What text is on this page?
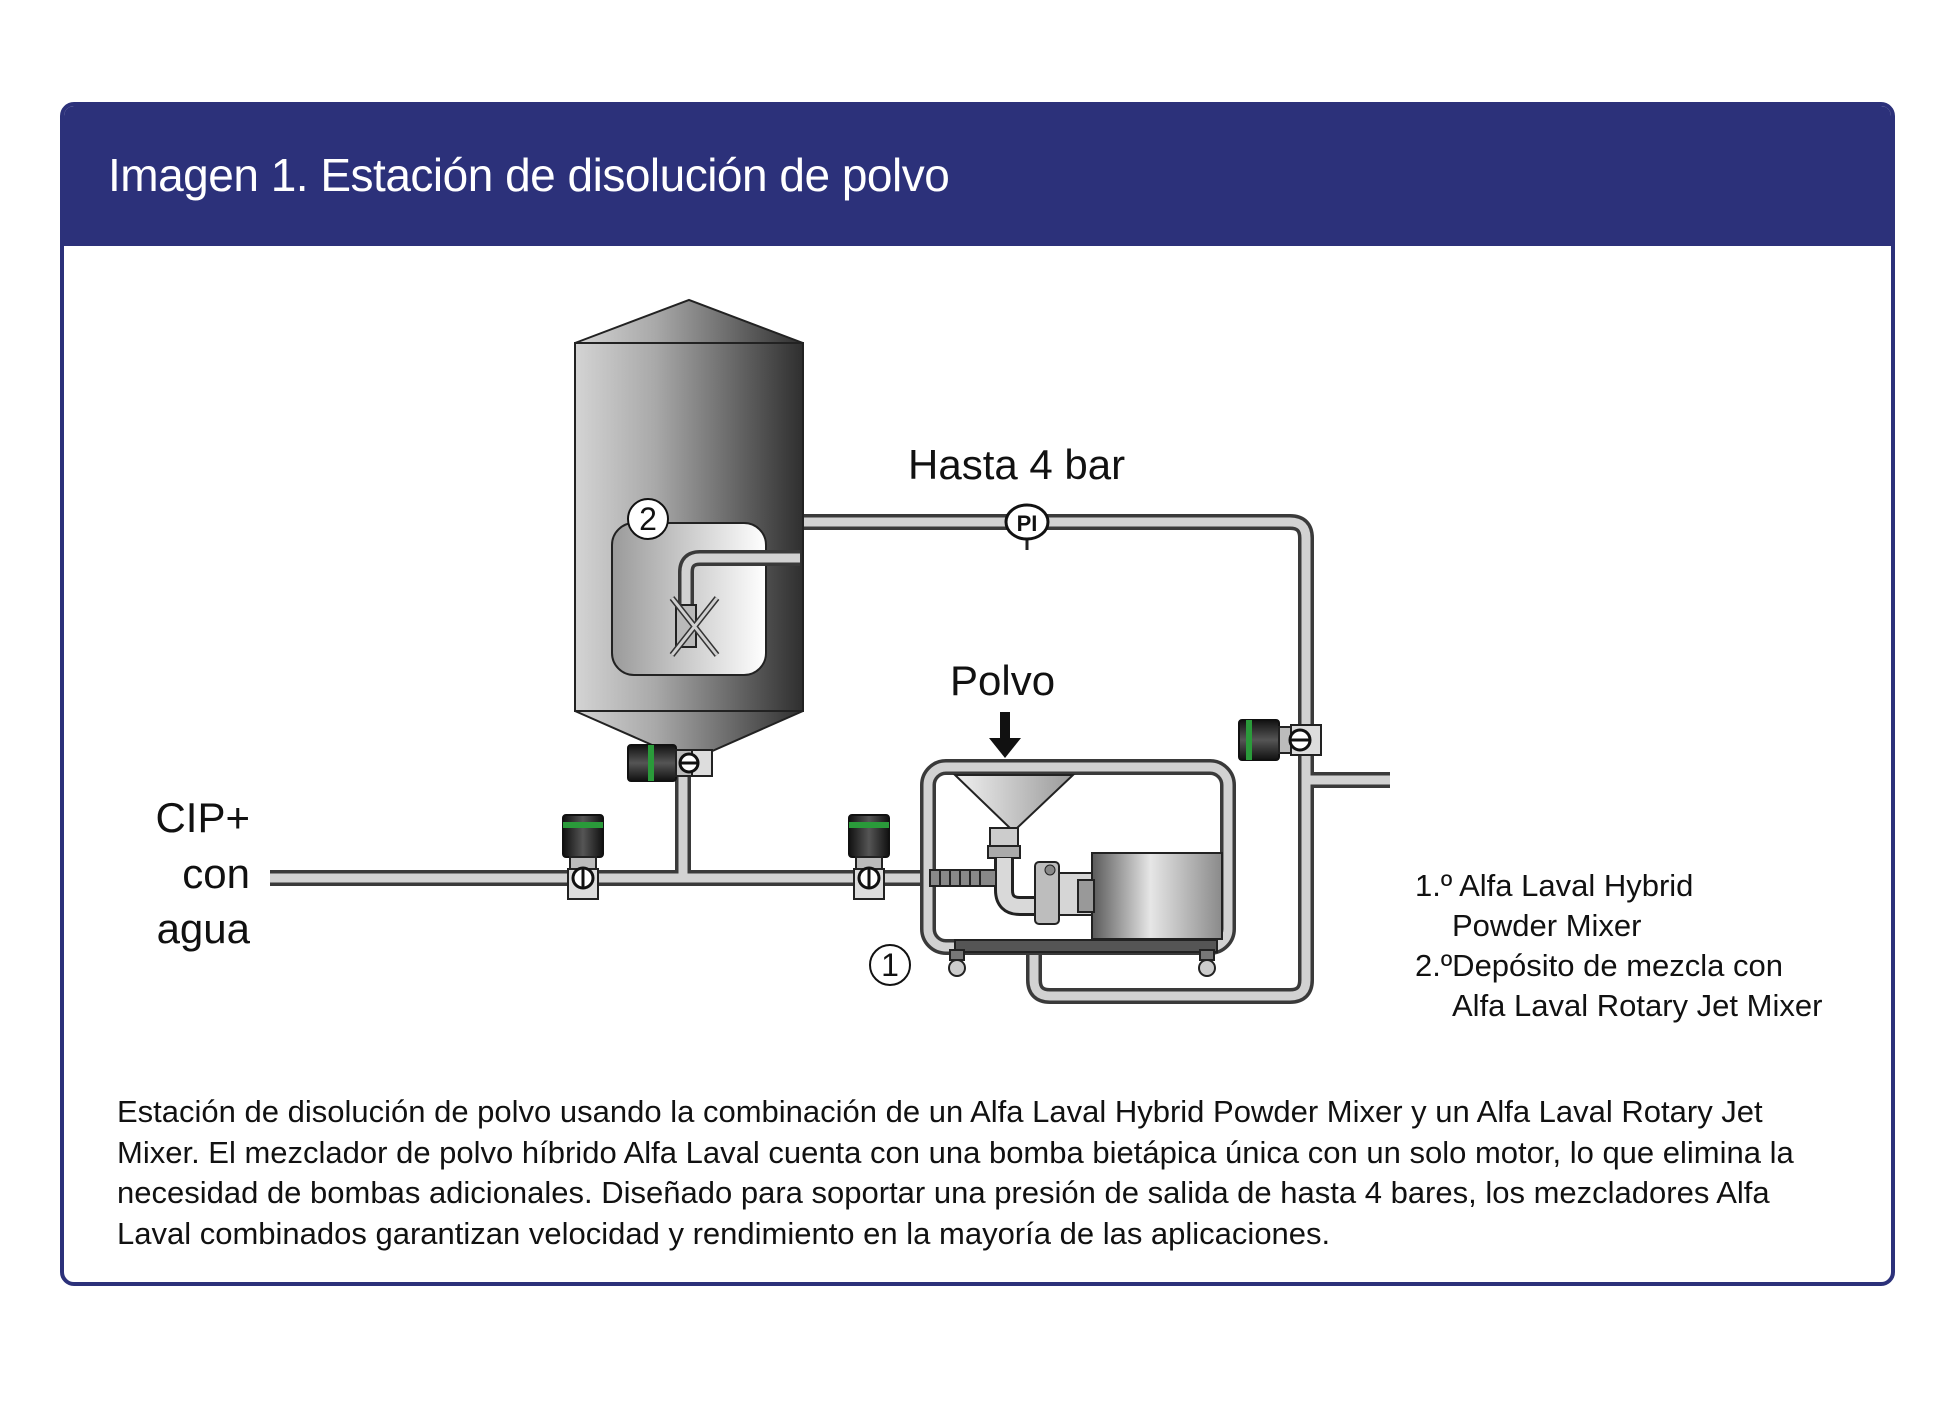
Imagen 1. Estación de disolución de polvo
PI
Hasta 4 bar
Polvo
CIP+
con
agua
2
1
1.º Alfa Laval Hybrid
Powder Mixer
2.ºDepósito de mezcla con
Alfa Laval Rotary Jet Mixer
Estación de disolución de polvo usando la combinación de un Alfa Laval Hybrid Powder Mixer y un Alfa Laval Rotary Jet Mixer. El mezclador de polvo híbrido Alfa Laval cuenta con una bomba bietápica única con un solo motor, lo que elimina la necesidad de bombas adicionales. Diseñado para soportar una presión de salida de hasta 4 bares, los mezcladores Alfa Laval combinados garantizan velocidad y rendimiento en la mayoría de las aplicaciones.
